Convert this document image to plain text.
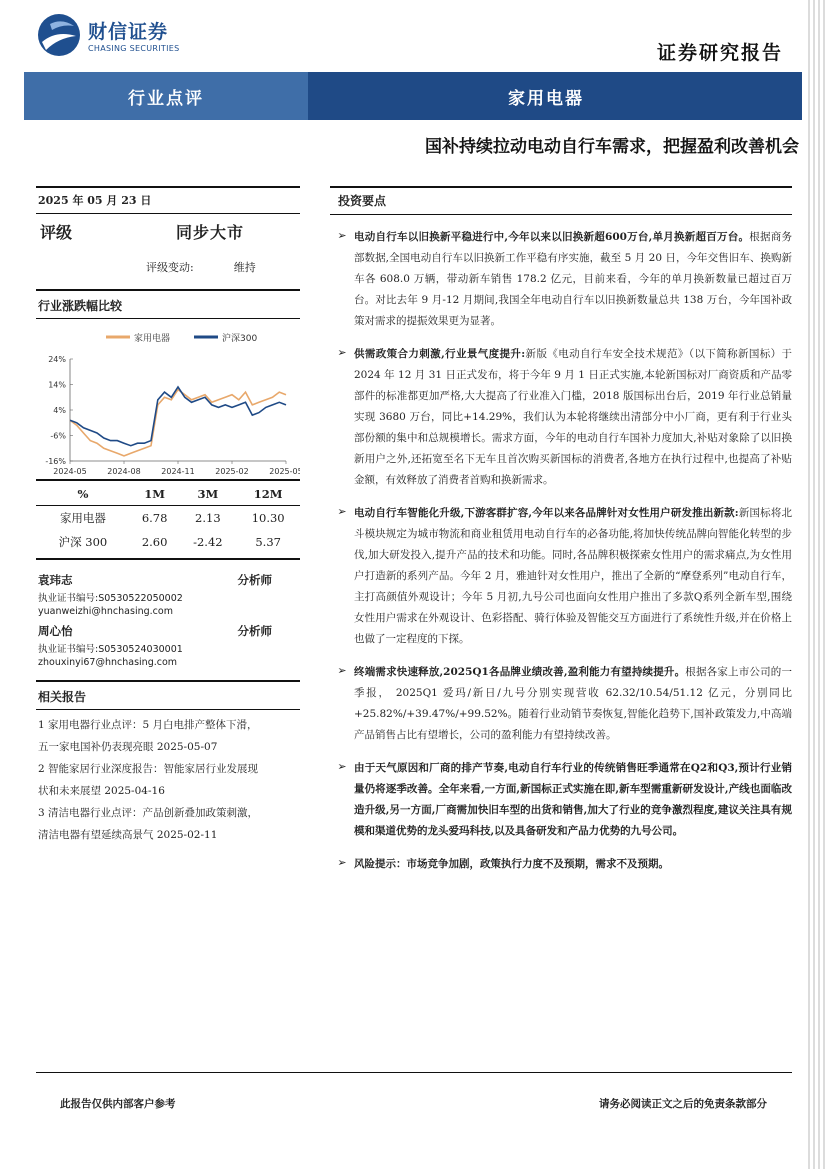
财信证券
CHASING SECURITIES	证券研究报告
行业点评	家用电器
国补持续拉动电动自行车需求，把握盈利改善机会
2025 年 05 月 23 日
评级	同步大市
评级变动:	维持
行业涨跌幅比较
家用电器	沪深300
24%
14%
4%
-6%
-16%
2024-05	2024-08	2024-11	2025-02	2025-05
%	1M	3M	12M
家用电器	6.78	2.13	10.30
沪深 300	2.60	-2.42	5.37
袁玮志	分析师
执业证书编号:S0530522050002
yuanweizhi@hnchasing.com
周心怡	分析师
执业证书编号:S0530524030001
zhouxinyi67@hnchasing.com
相关报告
1 家用电器行业点评：5 月白电排产整体下滑，
五一家电国补仍表现亮眼 2025-05-07
2 智能家居行业深度报告：智能家居行业发展现
状和未来展望 2025-04-16
3 清洁电器行业点评：产品创新叠加政策刺激，
清洁电器有望延续高景气 2025-02-11
投资要点
➢ 电动自行车以旧换新平稳进行中,今年以来以旧换新超600万台,单月换新超百万台。根据商务部数据,全国电动自行车以旧换新工作平稳有序实施，截至 5 月 20 日，今年交售旧车、换购新车各 608.0 万辆，带动新车销售 178.2 亿元，目前来看，今年的单月换新数量已超过百万台。对比去年 9 月-12 月期间,我国全年电动自行车以旧换新数量总共 138 万台，今年国补政策对需求的提振效果更为显著。
➢ 供需政策合力刺激,行业景气度提升:新版《电动自行车安全技术规范》（以下简称新国标）于 2024 年 12 月 31 日正式发布，将于今年 9 月 1 日正式实施,本轮新国标对厂商资质和产品零部件的标准都更加严格,大大提高了行业准入门槛，2018 版国标出台后，2019 年行业总销量实现 3680 万台，同比+14.29%，我们认为本轮将继续出清部分中小厂商，更有利于行业头部份额的集中和总规模增长。需求方面，今年的电动自行车国补力度加大,补贴对象除了以旧换新用户之外,还拓宽至名下无车且首次购买新国标的消费者,各地方在执行过程中,也提高了补贴金额，有效释放了消费者首购和换新需求。
➢ 电动自行车智能化升级,下游客群扩容,今年以来各品牌针对女性用户研发推出新款:新国标将北斗模块规定为城市物流和商业租赁用电动自行车的必备功能,将加快传统品牌向智能化转型的步伐,加大研发投入,提升产品的技术和功能。同时,各品牌积极探索女性用户的需求痛点,为女性用户打造新的系列产品。今年 2 月，雅迪针对女性用户，推出了全新的“摩登系列”电动自行车，主打高颜值外观设计；今年 5 月初,九号公司也面向女性用户推出了多款Q系列全新车型,围绕女性用户需求在外观设计、色彩搭配、骑行体验及智能交互方面进行了系统性升级,并在价格上也做了一定程度的下探。
➢ 终端需求快速释放,2025Q1各品牌业绩改善,盈利能力有望持续提升。根据各家上市公司的一季报， 2025Q1 爱玛/新日/九号分别实现营收 62.32/10.54/51.12 亿元，分别同比+25.82%/+39.47%/+99.52%。随着行业动销节奏恢复,智能化趋势下,国补政策发力,中高端产品销售占比有望增长，公司的盈利能力有望持续改善。
➢ 由于天气原因和厂商的排产节奏,电动自行车行业的传统销售旺季通常在Q2和Q3,预计行业销量仍将逐季改善。全年来看,一方面,新国标正式实施在即,新车型需重新研发设计,产线也面临改造升级,另一方面,厂商需加快旧车型的出货和销售,加大了行业的竞争激烈程度,建议关注具有规模和渠道优势的龙头爱玛科技,以及具备研发和产品力优势的九号公司。
➢ 风险提示：市场竞争加剧，政策执行力度不及预期，需求不及预期。
此报告仅供内部客户参考	请务必阅读正文之后的免责条款部分
